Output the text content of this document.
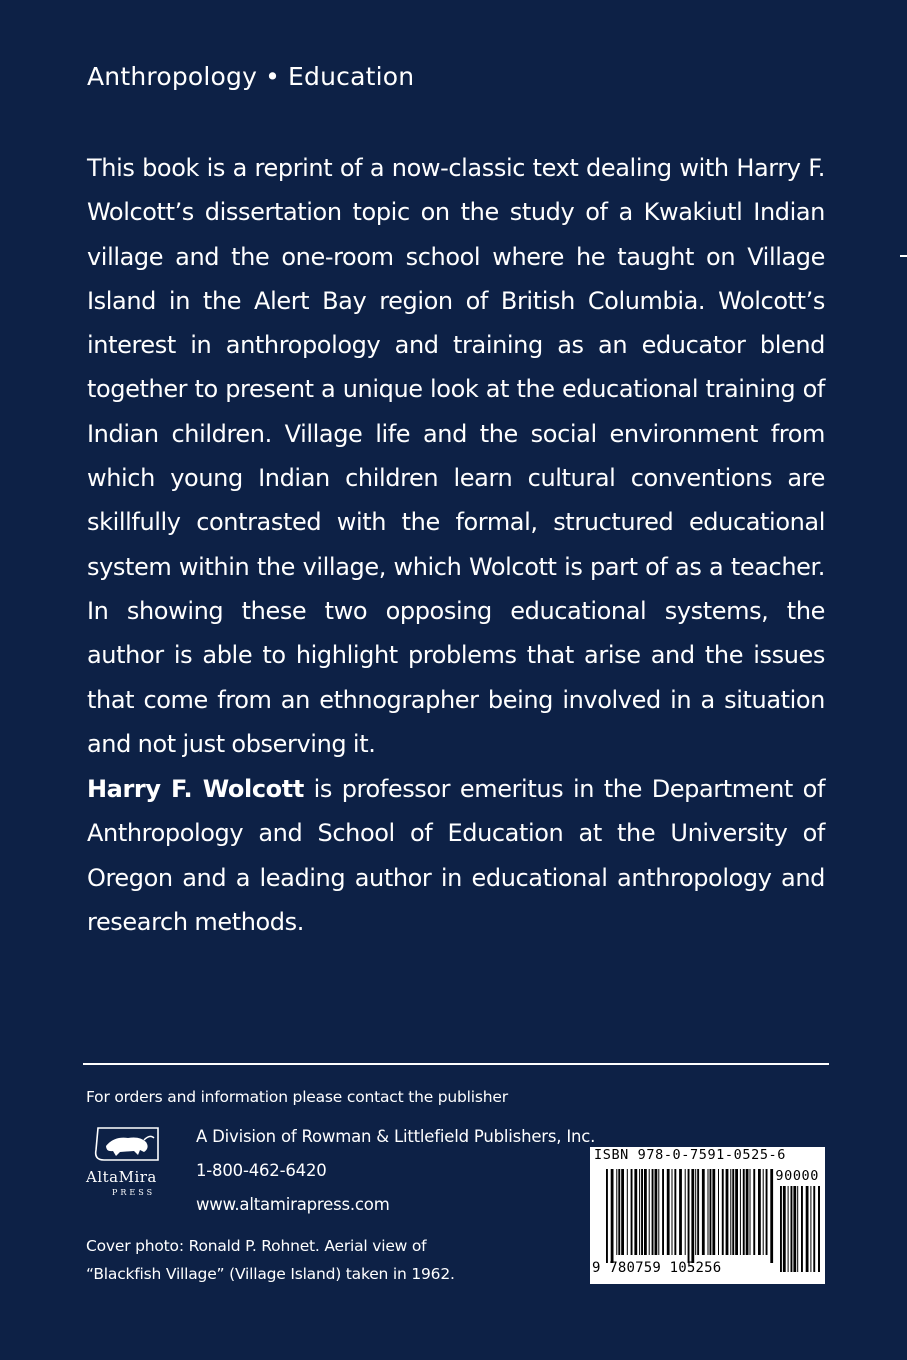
Anthropology • Education

This book is a reprint of a now-classic text dealing with Harry F. Wolcott’s dissertation topic on the study of a Kwakiutl Indian village and the one-room school where he taught on Village Island in the Alert Bay region of British Columbia. Wolcott’s interest in anthropology and training as an educator blend together to present a unique look at the educational training of Indian children. Village life and the social environment from which young Indian children learn cultural conventions are skillfully contrasted with the formal, structured educational system within the village, which Wolcott is part of as a teacher. In showing these two opposing educational systems, the author is able to highlight problems that arise and the issues that come from an ethnographer being involved in a situation and not just observing it.

Harry F. Wolcott is professor emeritus in the Department of Anthropology and School of Education at the University of Oregon and a leading author in educational anthropology and research methods.

For orders and information please contact the publisher
AltaMira
PRESS
A Division of Rowman & Littlefield Publishers, Inc.
1-800-462-6420
www.altamirapress.com
Cover photo: Ronald P. Rohnet. Aerial view of
“Blackfish Village” (Village Island) taken in 1962.
ISBN 978-0-7591-0525-6
90000
9 780759 105256
